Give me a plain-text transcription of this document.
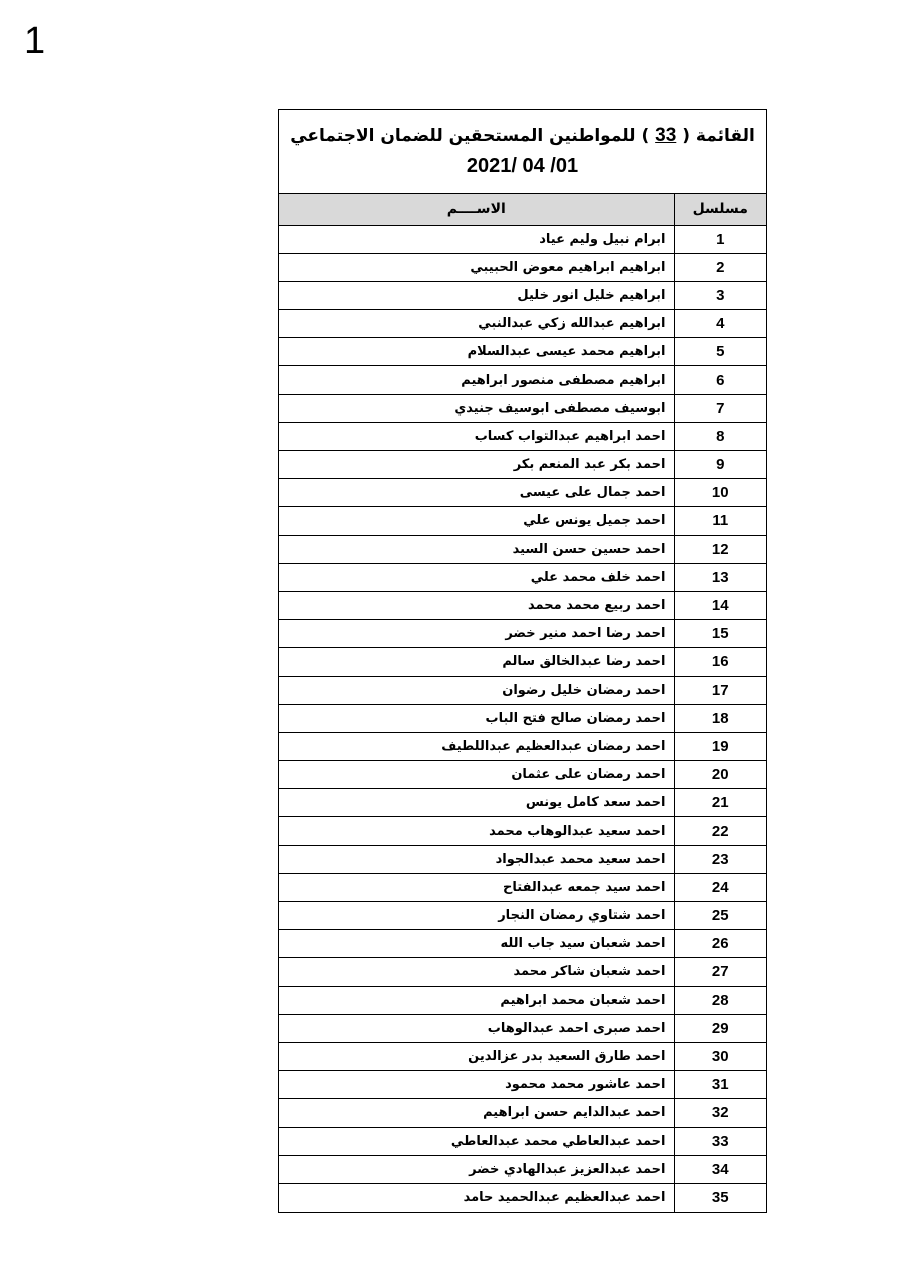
1
القائمة ( 33 ) للمواطنين المستحقين للضمان الاجتماعي
2021/ 04 /01
مسلسل	الاســــم
1	ابرام نبيل وليم عياد
2	ابراهيم ابراهيم معوض الحبيبي
3	ابراهيم خليل انور خليل
4	ابراهيم عبدالله زكي عبدالنبي
5	ابراهيم محمد عيسى عبدالسلام
6	ابراهيم مصطفى منصور ابراهيم
7	ابوسيف مصطفى ابوسيف جنيدي
8	احمد ابراهيم عبدالتواب كساب
9	احمد بكر عبد المنعم بكر
10	احمد جمال على عيسى
11	احمد جميل يونس علي
12	احمد حسين حسن السيد
13	احمد خلف محمد علي
14	احمد ربيع محمد محمد
15	احمد رضا احمد منير خضر
16	احمد رضا عبدالخالق سالم
17	احمد رمضان خليل رضوان
18	احمد رمضان صالح فتح الباب
19	احمد رمضان عبدالعظيم عبداللطيف
20	احمد رمضان على عثمان
21	احمد سعد كامل يونس
22	احمد سعيد عبدالوهاب محمد
23	احمد سعيد محمد عبدالجواد
24	احمد سيد جمعه عبدالفتاح
25	احمد شتاوي رمضان النجار
26	احمد شعبان سيد جاب الله
27	احمد شعبان شاكر محمد
28	احمد شعبان محمد ابراهيم
29	احمد صبرى احمد عبدالوهاب
30	احمد طارق السعيد بدر عزالدين
31	احمد عاشور محمد محمود
32	احمد عبدالدايم حسن ابراهيم
33	احمد عبدالعاطي محمد عبدالعاطي
34	احمد عبدالعزيز عبدالهادي خضر
35	احمد عبدالعظيم عبدالحميد حامد
